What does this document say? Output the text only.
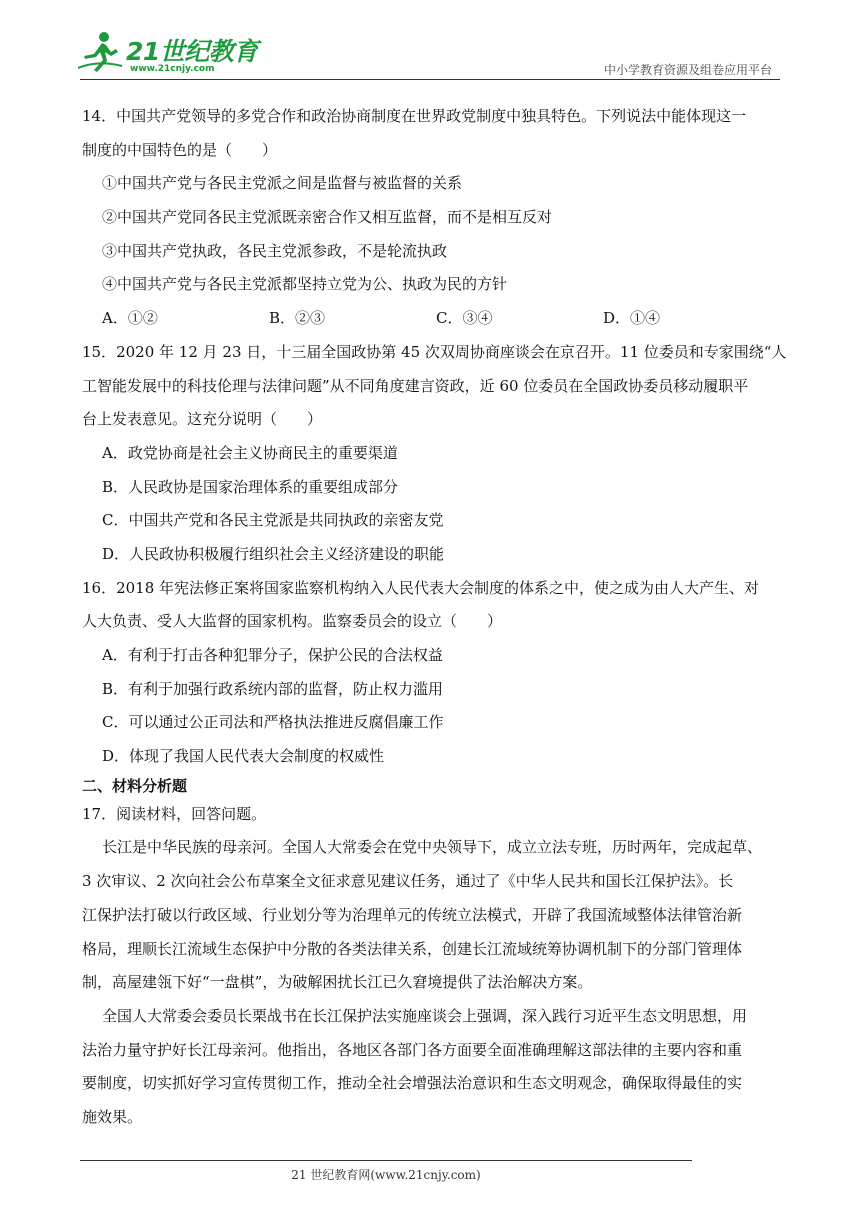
21世纪教育
www.21cnjy.com	中小学教育资源及组卷应用平台
14．中国共产党领导的多党合作和政治协商制度在世界政党制度中独具特色。下列说法中能体现这一
制度的中国特色的是（　　）
①中国共产党与各民主党派之间是监督与被监督的关系
②中国共产党同各民主党派既亲密合作又相互监督，而不是相互反对
③中国共产党执政，各民主党派参政，不是轮流执政
④中国共产党与各民主党派都坚持立党为公、执政为民的方针
A．①②	B．②③	C．③④	D．①④
15．2020 年 12 月 23 日，十三届全国政协第 45 次双周协商座谈会在京召开。11 位委员和专家围绕“人
工智能发展中的科技伦理与法律问题”从不同角度建言资政，近 60 位委员在全国政协委员移动履职平
台上发表意见。这充分说明（　　）
A．政党协商是社会主义协商民主的重要渠道
B．人民政协是国家治理体系的重要组成部分
C．中国共产党和各民主党派是共同执政的亲密友党
D．人民政协积极履行组织社会主义经济建设的职能
16．2018 年宪法修正案将国家监察机构纳入人民代表大会制度的体系之中，使之成为由人大产生、对
人大负责、受人大监督的国家机构。监察委员会的设立（　　）
A．有利于打击各种犯罪分子，保护公民的合法权益
B．有利于加强行政系统内部的监督，防止权力滥用
C．可以通过公正司法和严格执法推进反腐倡廉工作
D．体现了我国人民代表大会制度的权威性
二、材料分析题
17．阅读材料，回答问题。
长江是中华民族的母亲河。全国人大常委会在党中央领导下，成立立法专班，历时两年，完成起草、
3 次审议、2 次向社会公布草案全文征求意见建议任务，通过了《中华人民共和国长江保护法》。长
江保护法打破以行政区域、行业划分等为治理单元的传统立法模式，开辟了我国流域整体法律管治新
格局，理顺长江流域生态保护中分散的各类法律关系，创建长江流域统筹协调机制下的分部门管理体
制，高屋建瓴下好“一盘棋”，为破解困扰长江已久窘境提供了法治解决方案。
全国人大常委会委员长栗战书在长江保护法实施座谈会上强调，深入践行习近平生态文明思想，用
法治力量守护好长江母亲河。他指出，各地区各部门各方面要全面准确理解这部法律的主要内容和重
要制度，切实抓好学习宣传贯彻工作，推动全社会增强法治意识和生态文明观念，确保取得最佳的实
施效果。
21 世纪教育网(www.21cnjy.com)
